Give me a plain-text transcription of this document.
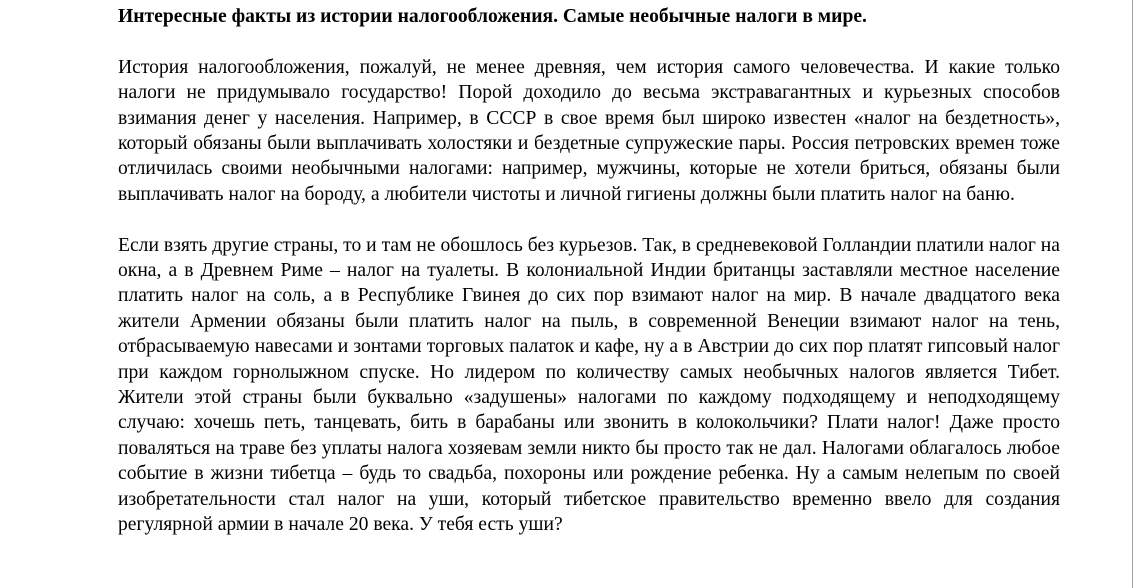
Интересные факты из истории налогообложения. Самые необычные налоги в мире.

История налогообложения, пожалуй, не менее древняя, чем история самого человечества. И какие только налоги не придумывало государство! Порой доходило до весьма экстравагантных и курьезных способов взимания денег у населения. Например, в СССР в свое время был широко известен «налог на бездетность», который обязаны были выплачивать холостяки и бездетные супружеские пары. Россия петровских времен тоже отличилась своими необычными налогами: например, мужчины, которые не хотели бриться, обязаны были выплачивать налог на бороду, а любители чистоты и личной гигиены должны были платить налог на баню.

Если взять другие страны, то и там не обошлось без курьезов. Так, в средневековой Голландии платили налог на окна, а в Древнем Риме – налог на туалеты. В колониальной Индии британцы заставляли местное население платить налог на соль, а в Республике Гвинея до сих пор взимают налог на мир. В начале двадцатого века жители Армении обязаны были платить налог на пыль, в современной Венеции взимают налог на тень, отбрасываемую навесами и зонтами торговых палаток и кафе, ну а в Австрии до сих пор платят гипсовый налог при каждом горнолыжном спуске. Но лидером по количеству самых необычных налогов является Тибет. Жители этой страны были буквально «задушены» налогами по каждому подходящему и неподходящему случаю: хочешь петь, танцевать, бить в барабаны или звонить в колокольчики? Плати налог! Даже просто поваляться на траве без уплаты налога хозяевам земли никто бы просто так не дал. Налогами облагалось любое событие в жизни тибетца – будь то свадьба, похороны или рождение ребенка. Ну а самым нелепым по своей изобретательности стал налог на уши, который тибетское правительство временно ввело для создания регулярной армии в начале 20 века. У тебя есть уши?
